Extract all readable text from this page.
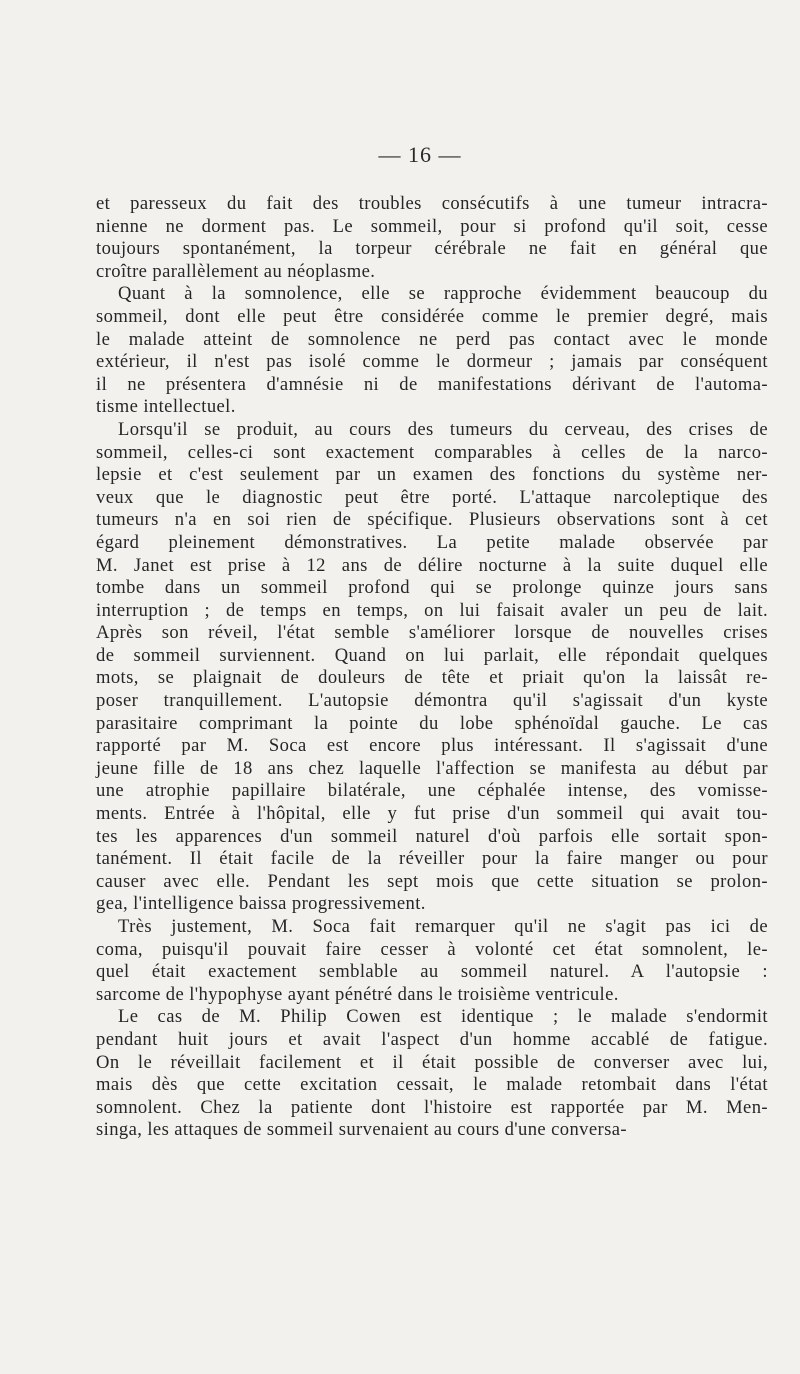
— 16 —
et paresseux du fait des troubles consécutifs à une tumeur intracra-
nienne ne dorment pas. Le sommeil, pour si profond qu'il soit, cesse
toujours spontanément, la torpeur cérébrale ne fait en général que
croître parallèlement au néoplasme.
Quant à la somnolence, elle se rapproche évidemment beaucoup du
sommeil, dont elle peut être considérée comme le premier degré, mais
le malade atteint de somnolence ne perd pas contact avec le monde
extérieur, il n'est pas isolé comme le dormeur ; jamais par conséquent
il ne présentera d'amnésie ni de manifestations dérivant de l'automa-
tisme intellectuel.
Lorsqu'il se produit, au cours des tumeurs du cerveau, des crises de
sommeil, celles-ci sont exactement comparables à celles de la narco-
lepsie et c'est seulement par un examen des fonctions du système ner-
veux que le diagnostic peut être porté. L'attaque narcoleptique des
tumeurs n'a en soi rien de spécifique. Plusieurs observations sont à cet
égard pleinement démonstratives. La petite malade observée par
M. Janet est prise à 12 ans de délire nocturne à la suite duquel elle
tombe dans un sommeil profond qui se prolonge quinze jours sans
interruption ; de temps en temps, on lui faisait avaler un peu de lait.
Après son réveil, l'état semble s'améliorer lorsque de nouvelles crises
de sommeil surviennent. Quand on lui parlait, elle répondait quelques
mots, se plaignait de douleurs de tête et priait qu'on la laissât re-
poser tranquillement. L'autopsie démontra qu'il s'agissait d'un kyste
parasitaire comprimant la pointe du lobe sphénoïdal gauche. Le cas
rapporté par M. Soca est encore plus intéressant. Il s'agissait d'une
jeune fille de 18 ans chez laquelle l'affection se manifesta au début par
une atrophie papillaire bilatérale, une céphalée intense, des vomisse-
ments. Entrée à l'hôpital, elle y fut prise d'un sommeil qui avait tou-
tes les apparences d'un sommeil naturel d'où parfois elle sortait spon-
tanément. Il était facile de la réveiller pour la faire manger ou pour
causer avec elle. Pendant les sept mois que cette situation se prolon-
gea, l'intelligence baissa progressivement.
Très justement, M. Soca fait remarquer qu'il ne s'agit pas ici de
coma, puisqu'il pouvait faire cesser à volonté cet état somnolent, le-
quel était exactement semblable au sommeil naturel. A l'autopsie :
sarcome de l'hypophyse ayant pénétré dans le troisième ventricule.
Le cas de M. Philip Cowen est identique ; le malade s'endormit
pendant huit jours et avait l'aspect d'un homme accablé de fatigue.
On le réveillait facilement et il était possible de converser avec lui,
mais dès que cette excitation cessait, le malade retombait dans l'état
somnolent. Chez la patiente dont l'histoire est rapportée par M. Men-
singa, les attaques de sommeil survenaient au cours d'une conversa-
